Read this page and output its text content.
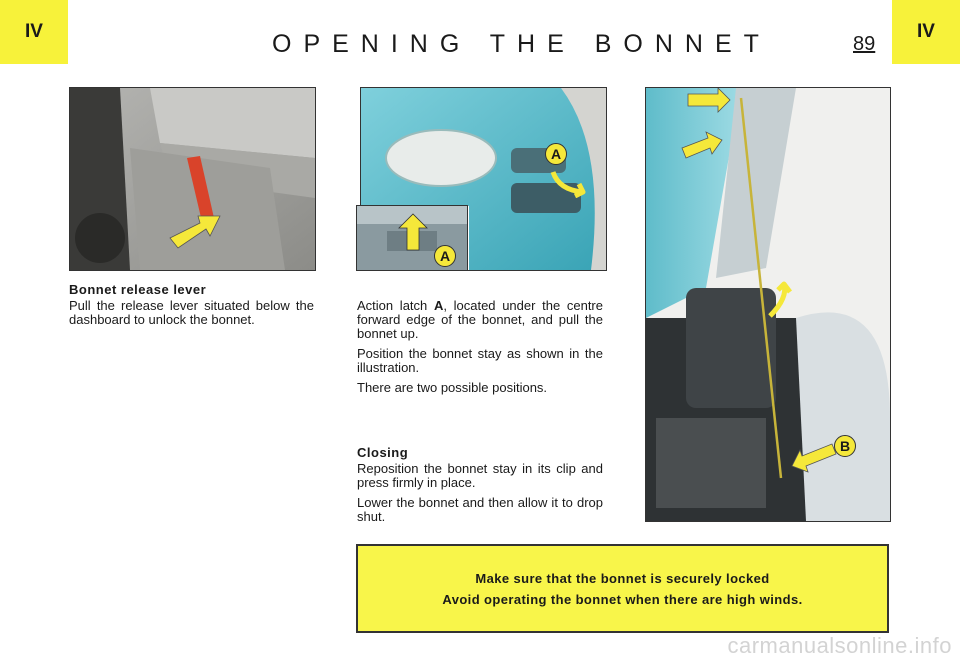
IV	OPENING THE BONNET	89
IV
Bonnet release lever

Pull the release lever situated below the dashboard to unlock the bonnet.

A
A
B

Action latch A, located under the centre forward edge of the bonnet, and pull the bonnet up.

Position the bonnet stay as shown in the illustration.

There are two possible positions.

Closing

Reposition the bonnet stay in its clip and press firmly in place.

Lower the bonnet and then allow it to drop shut.

Make sure that the bonnet is securely locked
Avoid operating the bonnet when there are high winds.
carmanualsonline.info
